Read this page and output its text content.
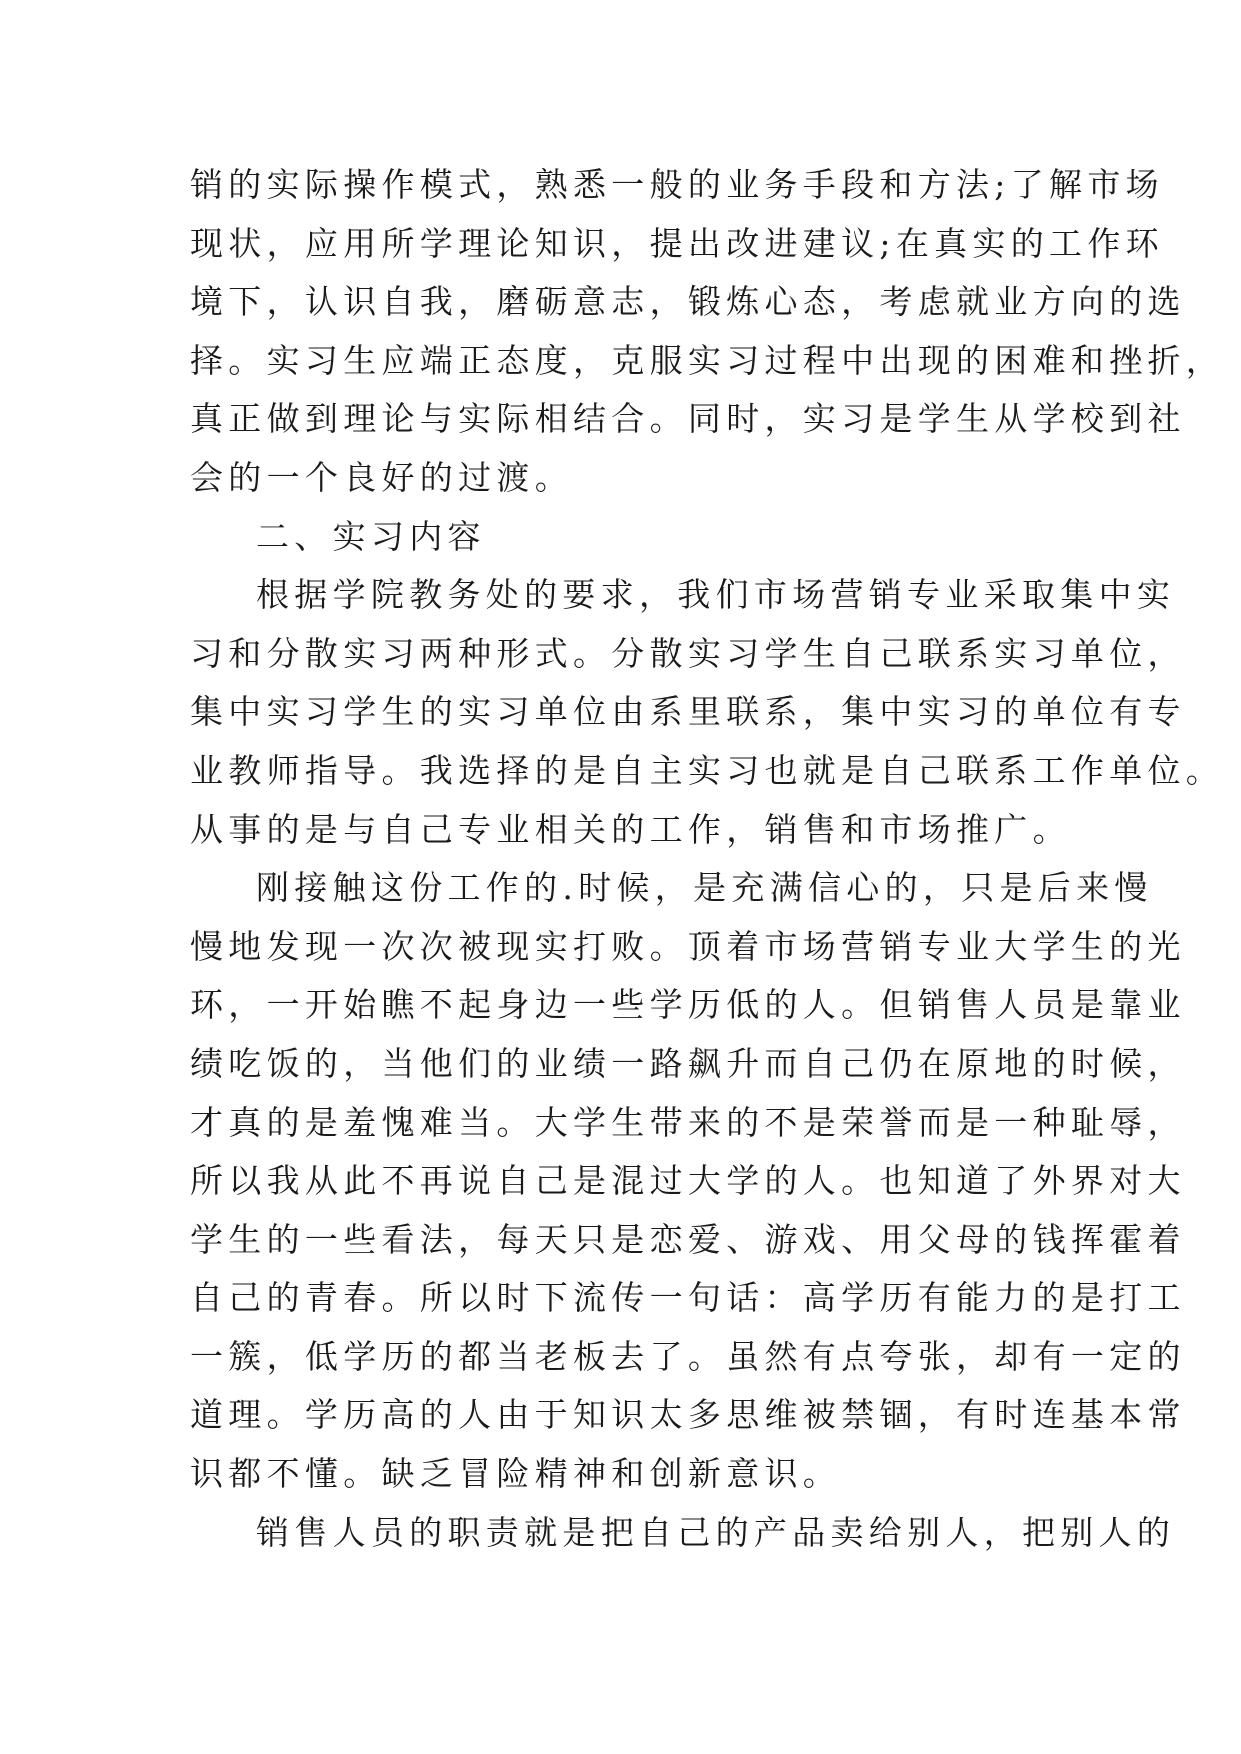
销的实际操作模式，熟悉一般的业务手段和方法;了解市场
现状，应用所学理论知识，提出改进建议;在真实的工作环
境下，认识自我，磨砺意志，锻炼心态，考虑就业方向的选
择。实习生应端正态度，克服实习过程中出现的困难和挫折，
真正做到理论与实际相结合。同时，实习是学生从学校到社
会的一个良好的过渡。
二、实习内容
根据学院教务处的要求，我们市场营销专业采取集中实
习和分散实习两种形式。分散实习学生自己联系实习单位，
集中实习学生的实习单位由系里联系，集中实习的单位有专
业教师指导。我选择的是自主实习也就是自己联系工作单位。
从事的是与自己专业相关的工作，销售和市场推广。
刚接触这份工作的.时候，是充满信心的，只是后来慢
慢地发现一次次被现实打败。顶着市场营销专业大学生的光
环，一开始瞧不起身边一些学历低的人。但销售人员是靠业
绩吃饭的，当他们的业绩一路飙升而自己仍在原地的时候，
才真的是羞愧难当。大学生带来的不是荣誉而是一种耻辱，
所以我从此不再说自己是混过大学的人。也知道了外界对大
学生的一些看法，每天只是恋爱、游戏、用父母的钱挥霍着
自己的青春。所以时下流传一句话：高学历有能力的是打工
一簇，低学历的都当老板去了。虽然有点夸张，却有一定的
道理。学历高的人由于知识太多思维被禁锢，有时连基本常
识都不懂。缺乏冒险精神和创新意识。
销售人员的职责就是把自己的产品卖给别人，把别人的
